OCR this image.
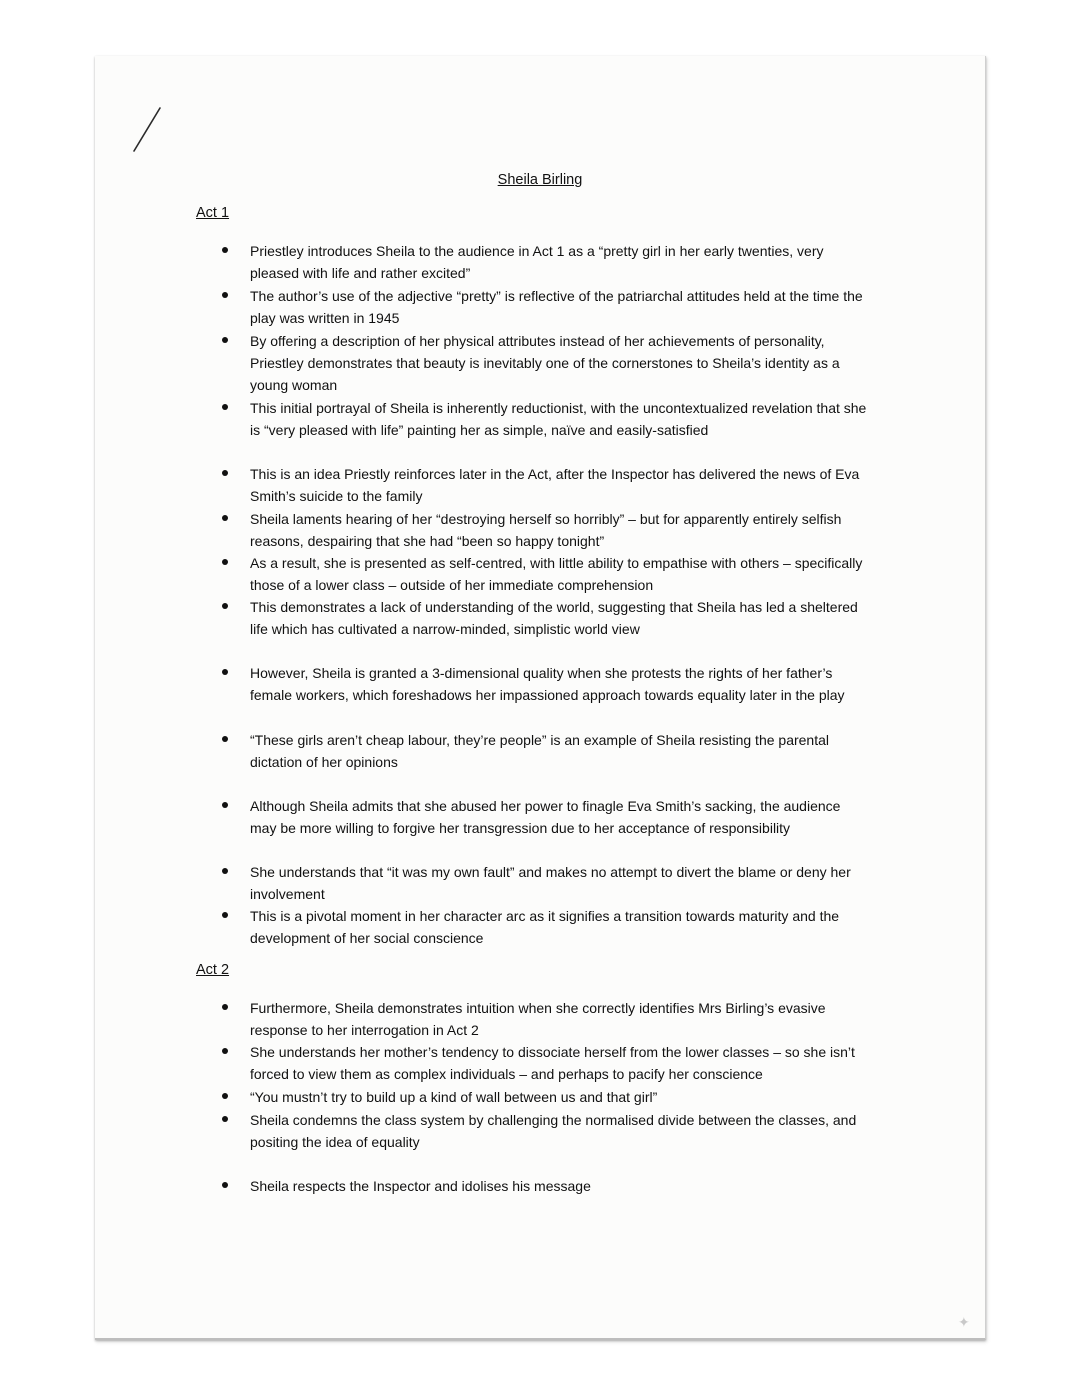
Sheila Birling
Act 1
Priestley introduces Sheila to the audience in Act 1 as a “pretty girl in her early twenties, very pleased with life and rather excited”
The author’s use of the adjective “pretty” is reflective of the patriarchal attitudes held at the time the play was written in 1945
By offering a description of her physical attributes instead of her achievements of personality, Priestley demonstrates that beauty is inevitably one of the cornerstones to Sheila’s identity as a young woman
This initial portrayal of Sheila is inherently reductionist, with the uncontextualized revelation that she is “very pleased with life” painting her as simple, naïve and easily-satisfied
This is an idea Priestly reinforces later in the Act, after the Inspector has delivered the news of Eva Smith’s suicide to the family
Sheila laments hearing of her “destroying herself so horribly” – but for apparently entirely selfish reasons, despairing that she had “been so happy tonight”
As a result, she is presented as self-centred, with little ability to empathise with others – specifically those of a lower class – outside of her immediate comprehension
This demonstrates a lack of understanding of the world, suggesting that Sheila has led a sheltered life which has cultivated a narrow-minded, simplistic world view
However, Sheila is granted a 3-dimensional quality when she protests the rights of her father’s female workers, which foreshadows her impassioned approach towards equality later in the play
“These girls aren’t cheap labour, they’re people” is an example of Sheila resisting the parental dictation of her opinions
Although Sheila admits that she abused her power to finagle Eva Smith’s sacking, the audience may be more willing to forgive her transgression due to her acceptance of responsibility
She understands that “it was my own fault” and makes no attempt to divert the blame or deny her involvement
This is a pivotal moment in her character arc as it signifies a transition towards maturity and the development of her social conscience
Act 2
Furthermore, Sheila demonstrates intuition when she correctly identifies Mrs Birling’s evasive response to her interrogation in Act 2
She understands her mother’s tendency to dissociate herself from the lower classes – so she isn’t forced to view them as complex individuals – and perhaps to pacify her conscience
“You mustn’t try to build up a kind of wall between us and that girl”
Sheila condemns the class system by challenging the normalised divide between the classes, and positing the idea of equality
Sheila respects the Inspector and idolises his message
✦
